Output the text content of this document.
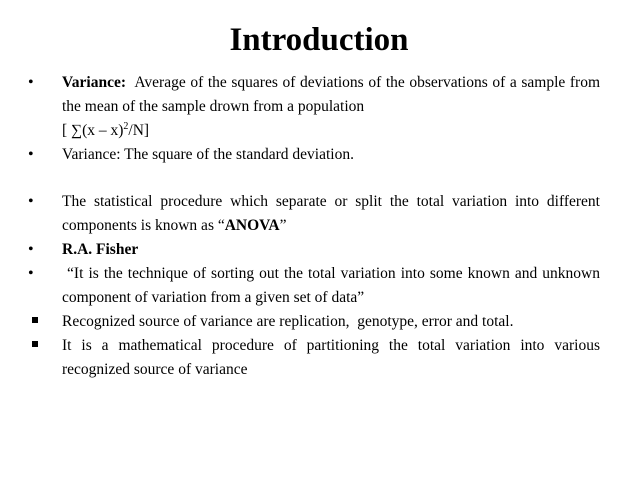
Introduction
•
Variance:  Average of the squares of deviations of the observations of a sample from the mean of the sample drown from a population
[ ∑(x – x)$^2$/N]
•
Variance: The square of the standard deviation.
•
The statistical procedure which separate or split the total variation into different components is known as “ANOVA”
•
R.A. Fisher
•
“It is the technique of sorting out the total variation into some known and unknown component of variation from a given set of data”
Recognized source of variance are replication,  genotype, error and total.
It is a mathematical procedure of partitioning the total variation into various recognized source of variance
